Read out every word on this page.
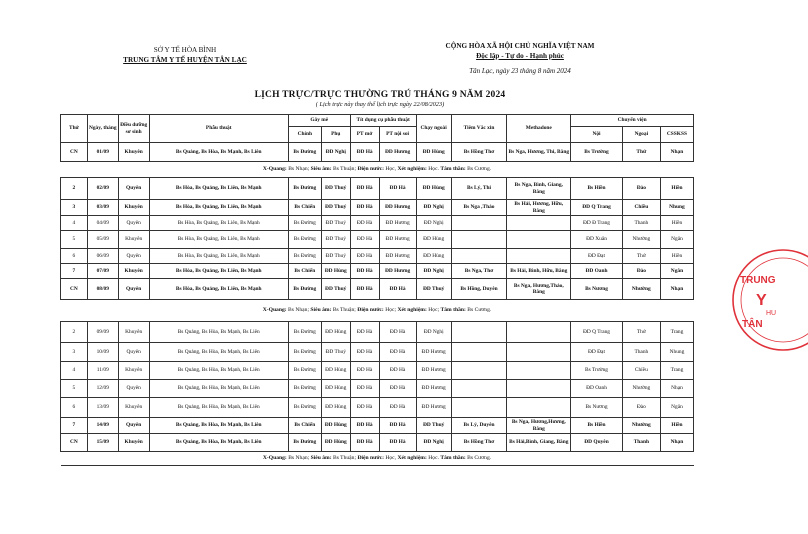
SỞ Y TẾ HÒA BÌNH
TRUNG TÂM Y TẾ HUYỆN TÂN LẠC
CỘNG HÒA XÃ HỘI CHỦ NGHĨA VIỆT NAM
Độc lập - Tự do - Hạnh phúc
Tân Lạc, ngày 23 tháng 8 năm 2024
LỊCH TRỰC/TRỰC THƯỜNG TRÚ THÁNG 9 NĂM 2024
( Lịch trực này thay thế lịch trực ngày 22/08/2023)
Thứ	Ngày, tháng	Điều dưỡng sơ sinh	Phẫu thuật	Gây mê		Tít dụng cụ phẫu thuật		Chạy ngoài	Tiêm Vắc xin	Methadone	Chuyển viện		
				Chính	Phụ	PT mở	PT nội soi				Nội	Ngoại	CSSKSS
CN	01/09	Khuyên	Bs Quảng, Bs Hòa, Bs Mạnh, Bs Liên	Bs Đường	ĐD Nghị	ĐD Hà	ĐD Hương	ĐD Hùng	Bs Hồng Thơ	Bs Nga, Hương, Thi, Bằng	Bs Trường	Thứ	Nhạn
X-Quang: Bs Nhạn; Siêu âm: Bs Thuận; Điện nước: Học, Xét nghiệm: Học. Tâm thần: Bs Cương.													
2	02/09	Quyên	Bs Hòa, Bs Quảng, Bs Liên, Bs Mạnh	Bs Đường	ĐD Thuý	ĐD Hà	ĐD Hà	ĐD Hùng	Bs Lý, Thi	Bs Nga, Bình, Giang, Bằng	Bs Hiền	Đào	Hiền
3	03/09	Khuyên	Bs Hòa, Bs Quảng, Bs Liên, Bs Mạnh	Bs Chiến	ĐD Thuý	ĐD Hà	ĐD Hương	ĐD Nghị	Bs Nga ,Thảo	Bs Hải, Hương, Hữu, Bằng	ĐD Q Trang	Chiều	Nhung
4	04/09	Quyên	Bs Hòa, Bs Quảng, Bs Liên, Bs Mạnh	Bs Đường	ĐD Thuý	ĐD Hà	ĐD Hương	ĐD Nghị			ĐD Đ Trang	Thanh	Hiền
5	05/09	Khuyên	Bs Hòa, Bs Quảng, Bs Liên, Bs Mạnh	Bs Đường	ĐD Thuý	ĐD Hà	ĐD Hương	ĐD Hùng			ĐD Xuân	Nhường	Ngân
6	06/09	Quyên	Bs Hòa, Bs Quảng, Bs Liên, Bs Mạnh	Bs Đường	ĐD Thuý	ĐD Hà	ĐD Hương	ĐD Hùng			ĐD Đạt	Thứ	Hiền
7	07/09	Khuyên	Bs Hòa, Bs Quảng, Bs Liên, Bs Mạnh	Bs Chiến	ĐD Hùng	ĐD Hà	ĐD Hương	ĐD Nghị	Bs Nga, Thơ	Bs Hải, Bình, Hữu, Bằng	ĐD Oanh	Đào	Ngân
CN	08/09	Quyên	Bs Hòa, Bs Quảng, Bs Liên, Bs Mạnh	Bs Đường	ĐD Thuý	ĐD Hà	ĐD Hà	ĐD Thuý	Bs Hồng, Duyên	Bs Nga, Hương,Thảo, Bằng	Bs Nương	Nhường	Nhạn
X-Quang: Bs Nhạn; Siêu âm: Bs Thuận; Điện nước: Học; Xét nghiệm: Học; Tâm thần: Bs Cương.													
2	09/09	Khuyên	Bs Quảng, Bs Hòa, Bs Mạnh, Bs Liên	Bs Đường	ĐD Hùng	ĐD Hà	ĐD Hà	ĐD Nghị			ĐD Q Trang	Thứ	Trang
3	10/09	Quyên	Bs Quảng, Bs Hòa, Bs Mạnh, Bs Liên	Bs Đường	ĐD Thuý	ĐD Hà	ĐD Hà	ĐD Hương			ĐD Đạt	Thanh	Nhung
4	11/09	Khuyên	Bs Quảng, Bs Hòa, Bs Mạnh, Bs Liên	Bs Đường	ĐD Hùng	ĐD Hà	ĐD Hà	ĐD Hương			Bs Trường	Chiều	Trang
5	12/09	Quyên	Bs Quảng, Bs Hòa, Bs Mạnh, Bs Liên	Bs Đường	ĐD Hùng	ĐD Hà	ĐD Hà	ĐD Hương			ĐD Oanh	Nhường	Nhạn
6	13/09	Khuyên	Bs Quảng, Bs Hòa, Bs Mạnh, Bs Liên	Bs Đường	ĐD Hùng	ĐD Hà	ĐD Hà	ĐD Hương			Bs Nương	Đào	Ngân
7	14/09	Quyên	Bs Quảng, Bs Hòa, Bs Mạnh, Bs Liên	Bs Chiến	ĐD Hùng	ĐD Hà	ĐD Hà	ĐD Thuý	Bs Lý, Duyên	Bs Nga, Hương,Hương, Bằng	Bs Hiền	Nhường	Hiền
CN	15/09	Khuyên	Bs Quảng, Bs Hòa, Bs Mạnh, Bs Liên	Bs Đường	ĐD Hùng	ĐD Hà	ĐD Hà	ĐD Nghị	Bs Hồng Thơ	Bs Hải,Bình, Giang, Bằng	ĐD Quyên	Thanh	Nhạn
X-Quang: Bs Nhạn; Siêu âm: Bs Thuận; Điện nước: Học, Xét nghiệm: Học. Tâm thần: Bs Cương.													
TRUNG
Y
HU
TÂN
